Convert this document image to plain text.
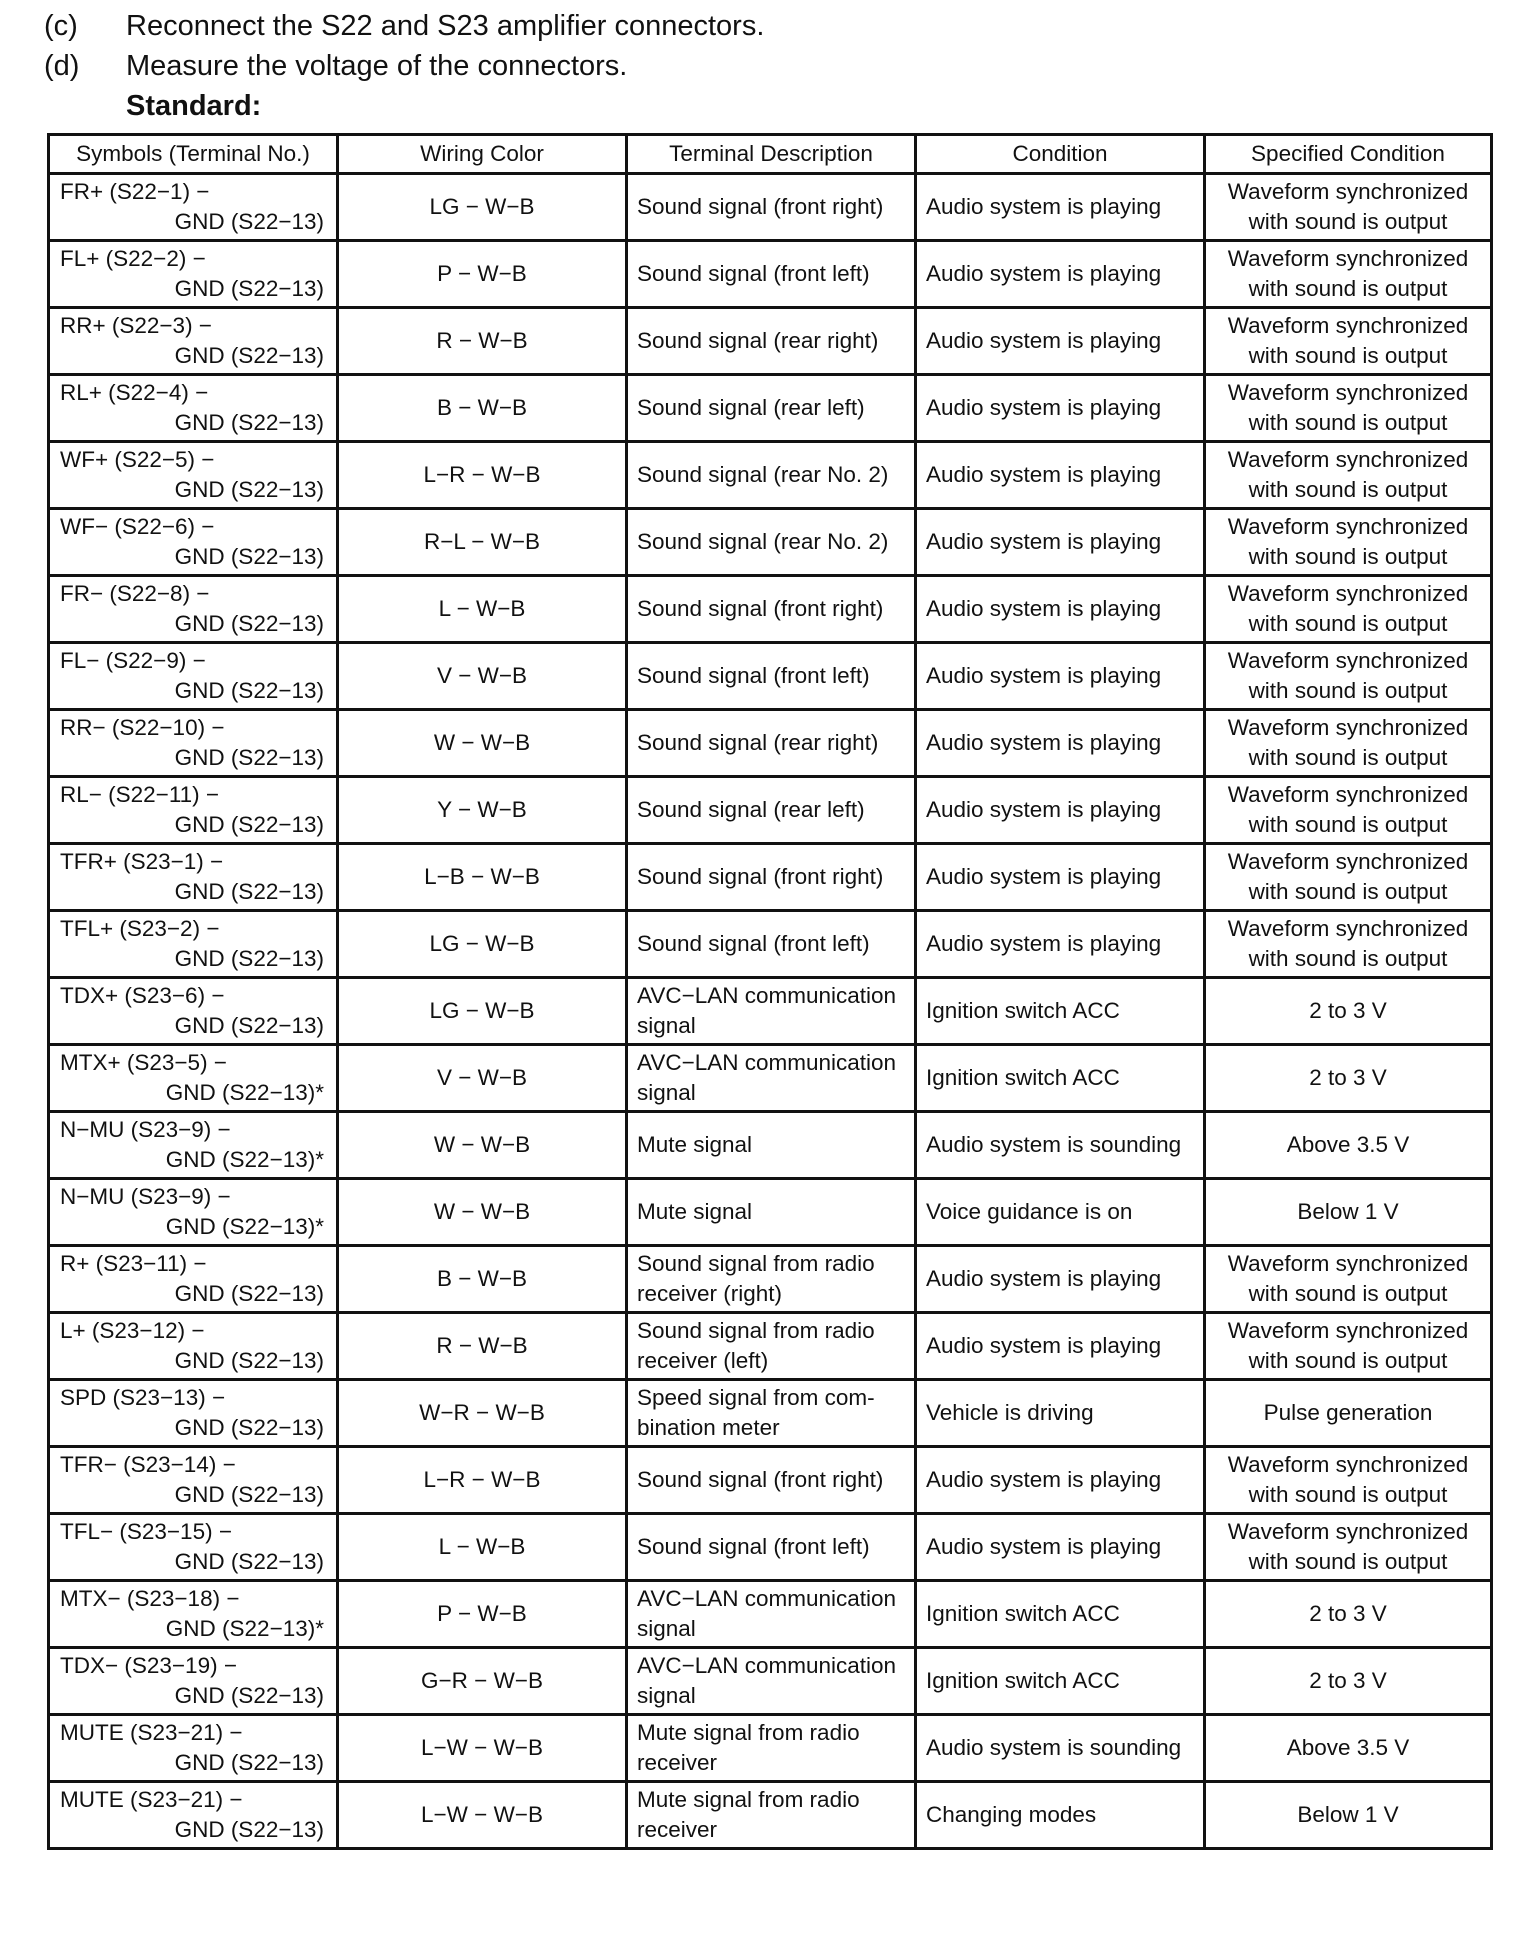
(c)	Reconnect the S22 and S23 amplifier connectors.
(d)	Measure the voltage of the connectors.
Standard:
Symbols (Terminal No.)	Wiring Color	Terminal Description	Condition	Specified Condition

FR+ (S22−1) −
GND (S22−13)	LG − W−B	Sound signal (front right)	Audio system is playing	Waveform synchronized with sound is output

FL+ (S22−2) −
GND (S22−13)	P − W−B	Sound signal (front left)	Audio system is playing	Waveform synchronized with sound is output

RR+ (S22−3) −
GND (S22−13)	R − W−B	Sound signal (rear right)	Audio system is playing	Waveform synchronized with sound is output

RL+ (S22−4) −
GND (S22−13)	B − W−B	Sound signal (rear left)	Audio system is playing	Waveform synchronized with sound is output

WF+ (S22−5) −
GND (S22−13)	L−R − W−B	Sound signal (rear No. 2)	Audio system is playing	Waveform synchronized with sound is output

WF− (S22−6) −
GND (S22−13)	R−L − W−B	Sound signal (rear No. 2)	Audio system is playing	Waveform synchronized with sound is output

FR− (S22−8) −
GND (S22−13)	L − W−B	Sound signal (front right)	Audio system is playing	Waveform synchronized with sound is output

FL− (S22−9) −
GND (S22−13)	V − W−B	Sound signal (front left)	Audio system is playing	Waveform synchronized with sound is output

RR− (S22−10) −
GND (S22−13)	W − W−B	Sound signal (rear right)	Audio system is playing	Waveform synchronized with sound is output

RL− (S22−11) −
GND (S22−13)	Y − W−B	Sound signal (rear left)	Audio system is playing	Waveform synchronized with sound is output

TFR+ (S23−1) −
GND (S22−13)	L−B − W−B	Sound signal (front right)	Audio system is playing	Waveform synchronized with sound is output

TFL+ (S23−2) −
GND (S22−13)	LG − W−B	Sound signal (front left)	Audio system is playing	Waveform synchronized with sound is output

TDX+ (S23−6) −
GND (S22−13)	LG − W−B	AVC−LAN communication signal	Ignition switch ACC	2 to 3 V

MTX+ (S23−5) −
GND (S22−13)*	V − W−B	AVC−LAN communication signal	Ignition switch ACC	2 to 3 V

N−MU (S23−9) −
GND (S22−13)*	W − W−B	Mute signal	Audio system is sounding	Above 3.5 V

N−MU (S23−9) −
GND (S22−13)*	W − W−B	Mute signal	Voice guidance is on	Below 1 V

R+ (S23−11) −
GND (S22−13)	B − W−B	Sound signal from radio receiver (right)	Audio system is playing	Waveform synchronized with sound is output

L+ (S23−12) −
GND (S22−13)	R − W−B	Sound signal from radio receiver (left)	Audio system is playing	Waveform synchronized with sound is output

SPD (S23−13) −
GND (S22−13)	W−R − W−B	Speed signal from com- bination meter	Vehicle is driving	Pulse generation

TFR− (S23−14) −
GND (S22−13)	L−R − W−B	Sound signal (front right)	Audio system is playing	Waveform synchronized with sound is output

TFL− (S23−15) −
GND (S22−13)	L − W−B	Sound signal (front left)	Audio system is playing	Waveform synchronized with sound is output

MTX− (S23−18) −
GND (S22−13)*	P − W−B	AVC−LAN communication signal	Ignition switch ACC	2 to 3 V

TDX− (S23−19) −
GND (S22−13)	G−R − W−B	AVC−LAN communication signal	Ignition switch ACC	2 to 3 V

MUTE (S23−21) −
GND (S22−13)	L−W − W−B	Mute signal from radio receiver	Audio system is sounding	Above 3.5 V

MUTE (S23−21) −
GND (S22−13)	L−W − W−B	Mute signal from radio receiver	Changing modes	Below 1 V
